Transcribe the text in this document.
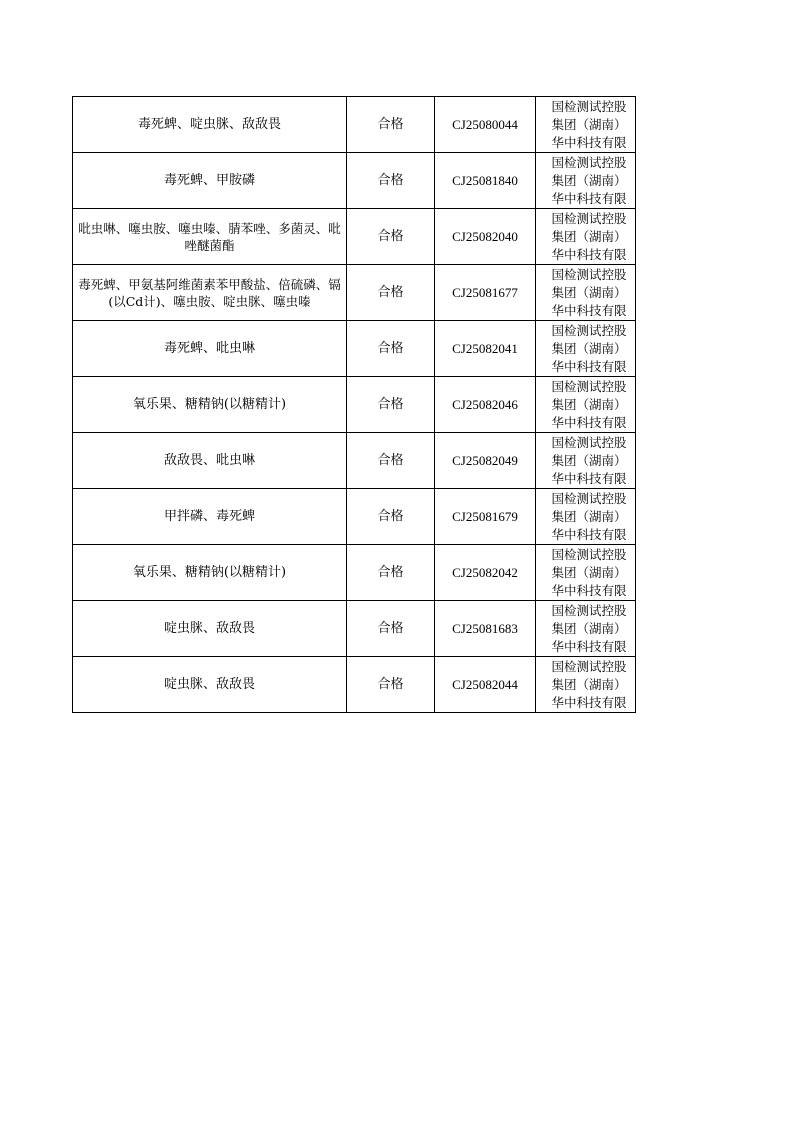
毒死蜱、啶虫脒、敌敌畏	合格	CJ25080044	国检测试控股
集团（湖南）
华中科技有限

毒死蜱、甲胺磷	合格	CJ25081840	国检测试控股
集团（湖南）
华中科技有限

吡虫啉、噻虫胺、噻虫嗪、腈苯唑、多菌灵、吡唑醚菌酯	合格	CJ25082040	国检测试控股
集团（湖南）
华中科技有限

毒死蜱、甲氨基阿维菌素苯甲酸盐、倍硫磷、镉(以Cd计)、噻虫胺、啶虫脒、噻虫嗪	合格	CJ25081677	国检测试控股
集团（湖南）
华中科技有限

毒死蜱、吡虫啉	合格	CJ25082041	国检测试控股
集团（湖南）
华中科技有限

氧乐果、糖精钠(以糖精计)	合格	CJ25082046	国检测试控股
集团（湖南）
华中科技有限

敌敌畏、吡虫啉	合格	CJ25082049	国检测试控股
集团（湖南）
华中科技有限

甲拌磷、毒死蜱	合格	CJ25081679	国检测试控股
集团（湖南）
华中科技有限

氧乐果、糖精钠(以糖精计)	合格	CJ25082042	国检测试控股
集团（湖南）
华中科技有限

啶虫脒、敌敌畏	合格	CJ25081683	国检测试控股
集团（湖南）
华中科技有限

啶虫脒、敌敌畏	合格	CJ25082044	国检测试控股
集团（湖南）
华中科技有限
